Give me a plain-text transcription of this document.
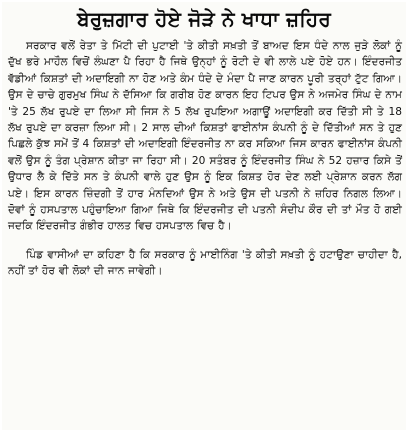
ਬੇਰੁਜ਼ਗਾਰ ਹੋਏ ਜੋੜੇ ਨੇ ਖਾਧਾ ਜ਼ਹਿਰ

ਸਰਕਾਰ ਵਲੋਂ ਰੇਤਾ ਤੇ ਮਿੱਟੀ ਦੀ ਪੁਟਾਈ 'ਤੇ ਕੀਤੀ ਸਖ਼ਤੀ ਤੋਂ ਬਾਅਦ ਇਸ ਧੰਦੇ ਨਾਲ ਜੁੜੇ ਲੋਕਾਂ ਨੂੰ ਦੁੱਖ ਭਰੇ ਮਾਹੌਲ ਵਿਚੋਂ ਲੰਘਣਾ ਪੈ ਰਿਹਾ ਹੈ ਜਿਥੇ ਉਨ੍ਹਾਂ ਨੂੰ ਰੋਟੀ ਦੇ ਵੀ ਲਾਲੇ ਪਏ ਹੋਏ ਹਨ। ਇੰਦਰਜੀਤ ਵੱਡੀਆਂ ਕਿਸ਼ਤਾਂ ਦੀ ਅਦਾਇਗੀ ਨਾ ਹੋਣ ਅਤੇ ਕੰਮ ਧੰਦੇ ਦੇ ਮੰਦਾ ਪੈ ਜਾਣ ਕਾਰਨ ਪੂਰੀ ਤਰ੍ਹਾਂ ਟੁੱਟ ਗਿਆ। ਉਸ ਦੇ ਚਾਚੇ ਗੁਰਮੁਖ ਸਿੰਘ ਨੇ ਦੱਸਿਆ ਕਿ ਗਰੀਬ ਹੋਣ ਕਾਰਨ ਇਹ ਟਿਪਰ ਉਸ ਨੇ ਅਜਮੇਰ ਸਿੰਘ ਦੇ ਨਾਮ 'ਤੇ 25 ਲੱਖ ਰੁਪਏ ਦਾ ਲਿਆ ਸੀ ਜਿਸ ਨੇ 5 ਲੱਖ ਰੁਪਇਆ ਅਗਾਊਂ ਅਦਾਇਗੀ ਕਰ ਦਿੱਤੀ ਸੀ ਤੇ 18 ਲੱਖ ਰੁਪਏ ਦਾ ਕਰਜ਼ਾ ਲਿਆ ਸੀ। 2 ਸਾਲ ਦੀਆਂ ਕਿਸ਼ਤਾਂ ਫਾਈਨਾਂਸ ਕੰਪਨੀ ਨੂੰ ਦੇ ਦਿੱਤੀਆਂ ਸਨ ਤੇ ਹੁਣ ਪਿਛਲੇ ਕੁੱਝ ਸਮੇਂ ਤੋਂ 4 ਕਿਸ਼ਤਾਂ ਦੀ ਅਦਾਇਗੀ ਇੰਦਰਜੀਤ ਨਾ ਕਰ ਸਕਿਆ ਜਿਸ ਕਾਰਨ ਫਾਈਨਾਂਸ ਕੰਪਨੀ ਵਲੋਂ ਉਸ ਨੂੰ ਤੰਗ ਪ੍ਰੇਸ਼ਾਨ ਕੀਤਾ ਜਾ ਰਿਹਾ ਸੀ। 20 ਸਤੰਬਰ ਨੂੰ ਇੰਦਰਜੀਤ ਸਿੰਘ ਨੇ 52 ਹਜ਼ਾਰ ਕਿਸੇ ਤੋਂ ਉਧਾਰ ਲੈ ਕੇ ਦਿੱਤੇ ਸਨ ਤੇ ਕੰਪਨੀ ਵਾਲੇ ਹੁਣ ਉਸ ਨੂੰ ਇਕ ਕਿਸ਼ਤ ਹੋਰ ਦੇਣ ਲਈ ਪ੍ਰੇਸ਼ਾਨ ਕਰਨ ਲੱਗ ਪਏ। ਇਸ ਕਾਰਨ ਜ਼ਿੰਦਗੀ ਤੋਂ ਹਾਰ ਮੰਨਦਿਆਂ ਉਸ ਨੇ ਅਤੇ ਉਸ ਦੀ ਪਤਨੀ ਨੇ ਜ਼ਹਿਰ ਨਿਗਲ ਲਿਆ। ਦੋਵਾਂ ਨੂੰ ਹਸਪਤਾਲ ਪਹੁੰਚਾਇਆ ਗਿਆ ਜਿਥੇ ਕਿ ਇੰਦਰਜੀਤ ਦੀ ਪਤਨੀ ਸੰਦੀਪ ਕੌਰ ਦੀ ਤਾਂ ਮੌਤ ਹੋ ਗਈ ਜਦਕਿ ਇੰਦਰਜੀਤ ਗੰਭੀਰ ਹਾਲਤ ਵਿਚ ਹਸਪਤਾਲ ਵਿਚ ਹੈ।

ਪਿੰਡ ਵਾਸੀਆਂ ਦਾ ਕਹਿਣਾ ਹੈ ਕਿ ਸਰਕਾਰ ਨੂੰ ਮਾਈਨਿੰਗ 'ਤੇ ਕੀਤੀ ਸਖ਼ਤੀ ਨੂੰ ਹਟਾਉਣਾ ਚਾਹੀਦਾ ਹੈ, ਨਹੀਂ ਤਾਂ ਹੋਰ ਵੀ ਲੋਕਾਂ ਦੀ ਜਾਨ ਜਾਵੇਗੀ।
